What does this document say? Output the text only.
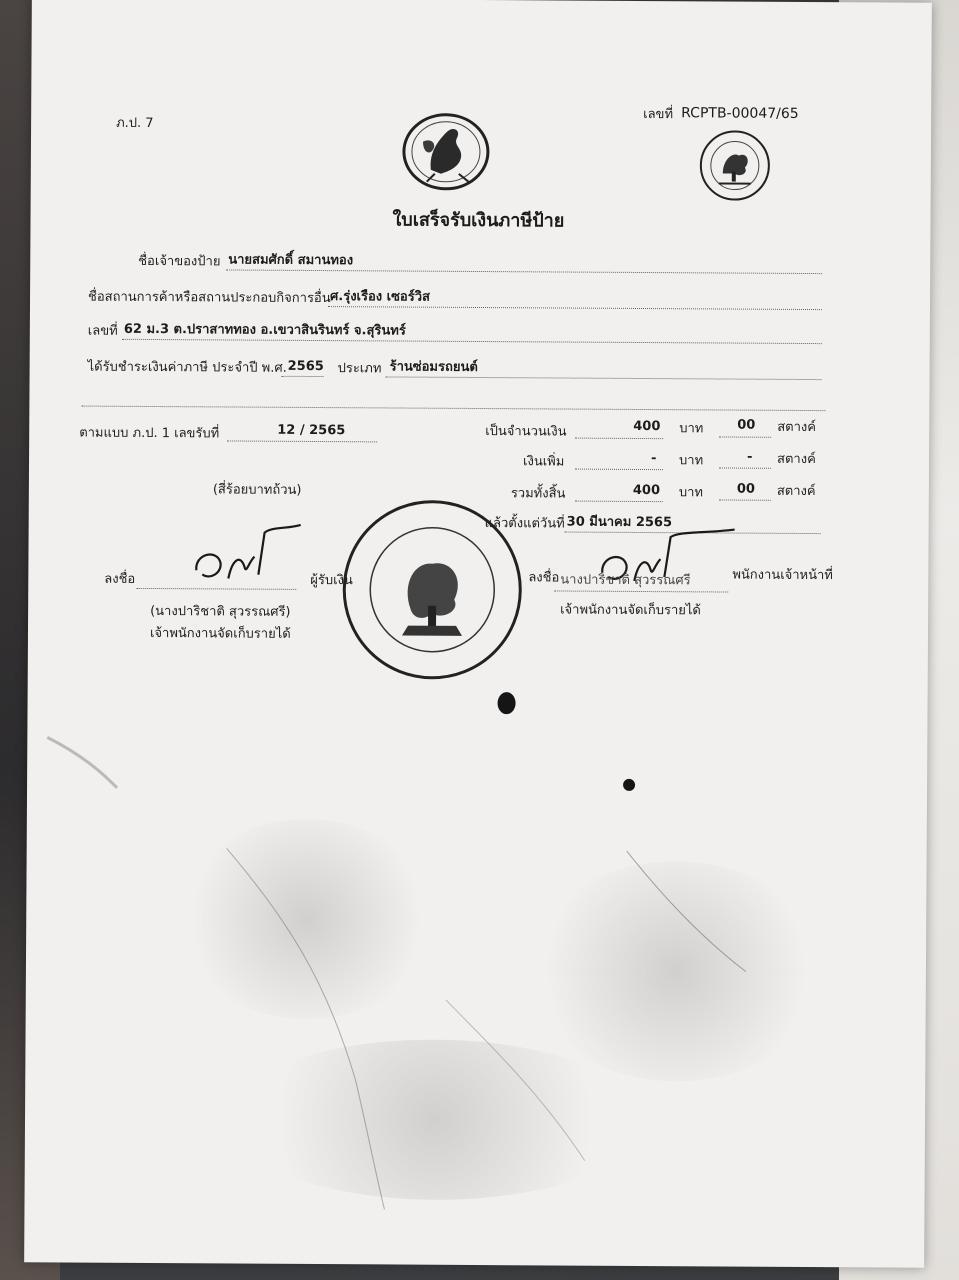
ภ.ป. 7
เลขที่ RCPTB-00047/65
ใบเสร็จรับเงินภาษีป้าย
ชื่อเจ้าของป้าย นายสมศักดิ์ สมานทอง
ชื่อสถานการค้าหรือสถานประกอบกิจการอื่น ศ.รุ่งเรือง เซอร์วิส
เลขที่ 62 ม.3 ต.ปราสาททอง อ.เขวาสินรินทร์ จ.สุรินทร์
ได้รับชำระเงินค่าภาษี ประจำปี พ.ศ. 2565 ประเภท ร้านซ่อมรถยนต์
ตามแบบ ภ.ป. 1 เลขรับที่	12 / 2565	เป็นจำนวนเงิน	400 บาท	00 สตางค์
เงินเพิ่ม	- บาท	- สตางค์
(สี่ร้อยบาทถ้วน)	รวมทั้งสิ้น	400 บาท	00 สตางค์
แล้วตั้งแต่วันที่ 30 มีนาคม 2565
ลงชื่อ	ผู้รับเงิน
(นางปาริชาติ สุวรรณศรี)
เจ้าพนักงานจัดเก็บรายได้
ลงชื่อ นางปาริชาติ สุวรรณศรี	พนักงานเจ้าหน้าที่
เจ้าพนักงานจัดเก็บรายได้
